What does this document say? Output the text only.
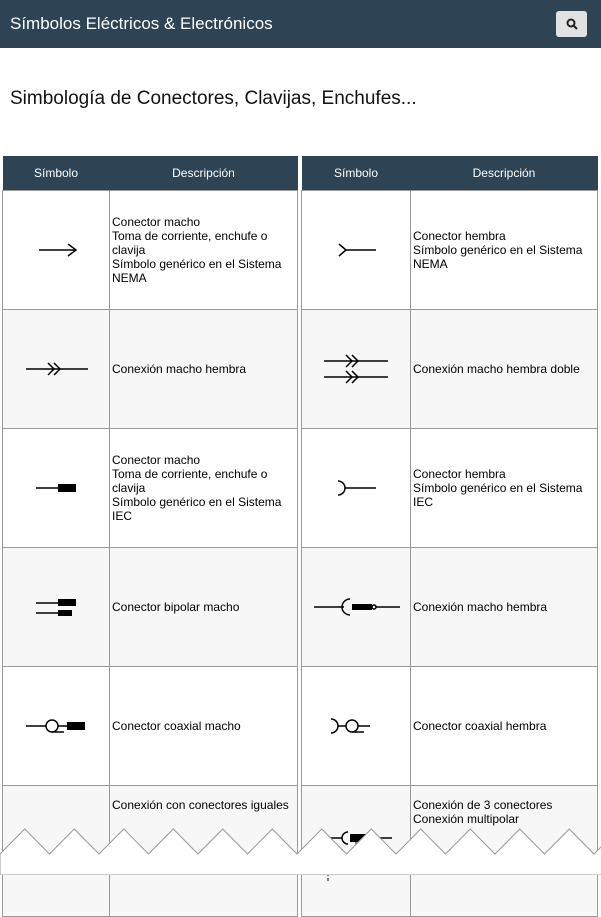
Símbolos Eléctricos & Electrónicos
Simbología de Conectores, Clavijas, Enchufes...
Símbolo	Descripción

Conector macho
Toma de corriente, enchufe o clavija
Símbolo genérico en el Sistema NEMA

Conexión macho hembra

Conector macho
Toma de corriente, enchufe o clavija
Símbolo genérico en el Sistema IEC

Conector bipolar macho

Conector coaxial macho

Conexión con conectores iguales
Símbolo	Descripción

Conector hembra
Símbolo genérico en el Sistema NEMA

Conexión macho hembra doble

Conector hembra
Símbolo genérico en el Sistema IEC

Conexión macho hembra

Conector coaxial hembra

Conexión de 3 conectores
Conexión multipolar
